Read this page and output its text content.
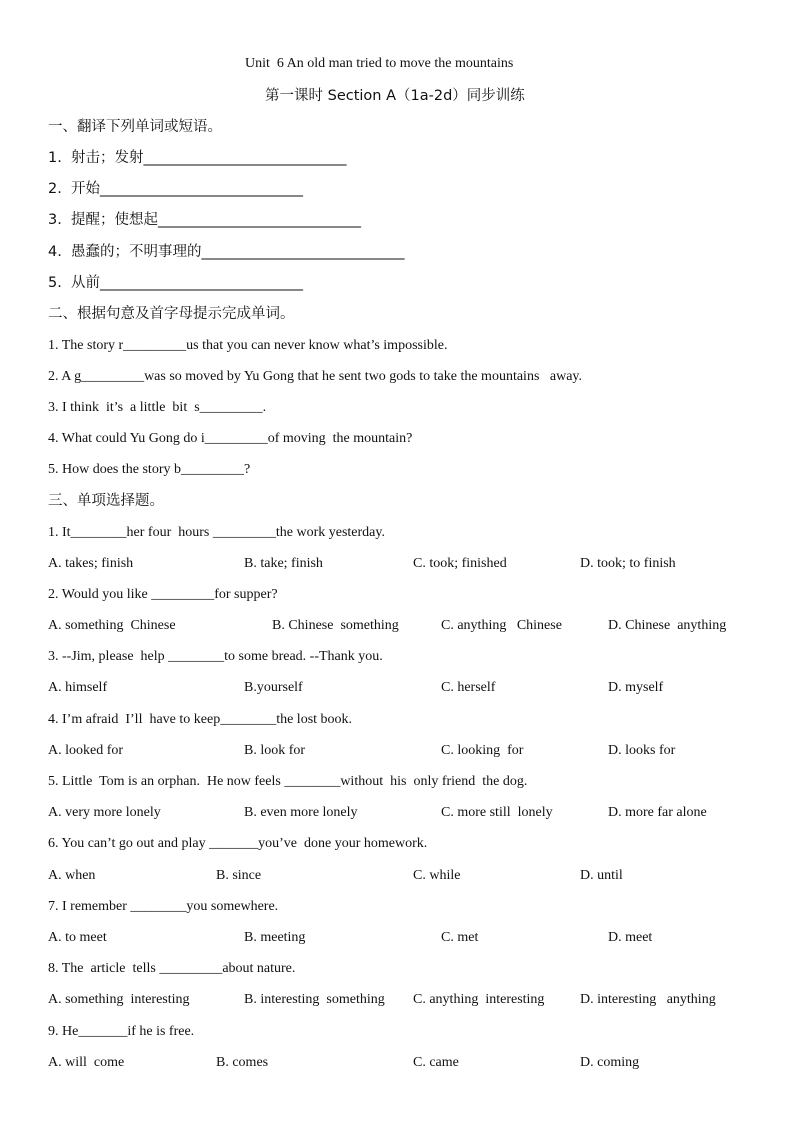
Unit  6 An old man tried to move the mountains
第一课时 Section A（1a-2d）同步训练
一、翻译下列单词或短语。
1.  射击；发射____________________________
2.  开始____________________________
3.  提醒；使想起____________________________
4.  愚蠢的；不明事理的____________________________
5.  从前____________________________
二、根据句意及首字母提示完成单词。
1. The story r_________us that you can never know what’s impossible.
2. A g_________was so moved by Yu Gong that he sent two gods to take the mountains   away.
3. I think  it’s  a little  bit  s_________.
4. What could Yu Gong do i_________of moving  the mountain?
5. How does the story b_________?
三、单项选择题。
1. It________her four  hours _________the work yesterday.
A. takes; finish	B. take; finish	C. took; finished	D. took; to finish
2. Would you like _________for supper?
A. something  Chinese	B. Chinese  something	C. anything   Chinese	D. Chinese  anything
3. --Jim, please  help ________to some bread. --Thank you.
A. himself	B.yourself	C. herself	D. myself
4. I’m afraid  I’ll  have to keep________the lost book.
A. looked for	B. look for	C. looking  for	D. looks for
5. Little  Tom is an orphan.  He now feels ________without  his  only friend  the dog.
A. very more lonely	B. even more lonely	C. more still  lonely	D. more far alone
6. You can’t go out and play _______you’ve  done your homework.
A. when	B. since	C. while	D. until
7. I remember ________you somewhere.
A. to meet	B. meeting	C. met	D. meet
8. The  article  tells _________about nature.
A. something  interesting	B. interesting  something C. anything  interesting	D. interesting   anything
9. He_______if he is free.
A. will  come	B. comes	C. came	D. coming
